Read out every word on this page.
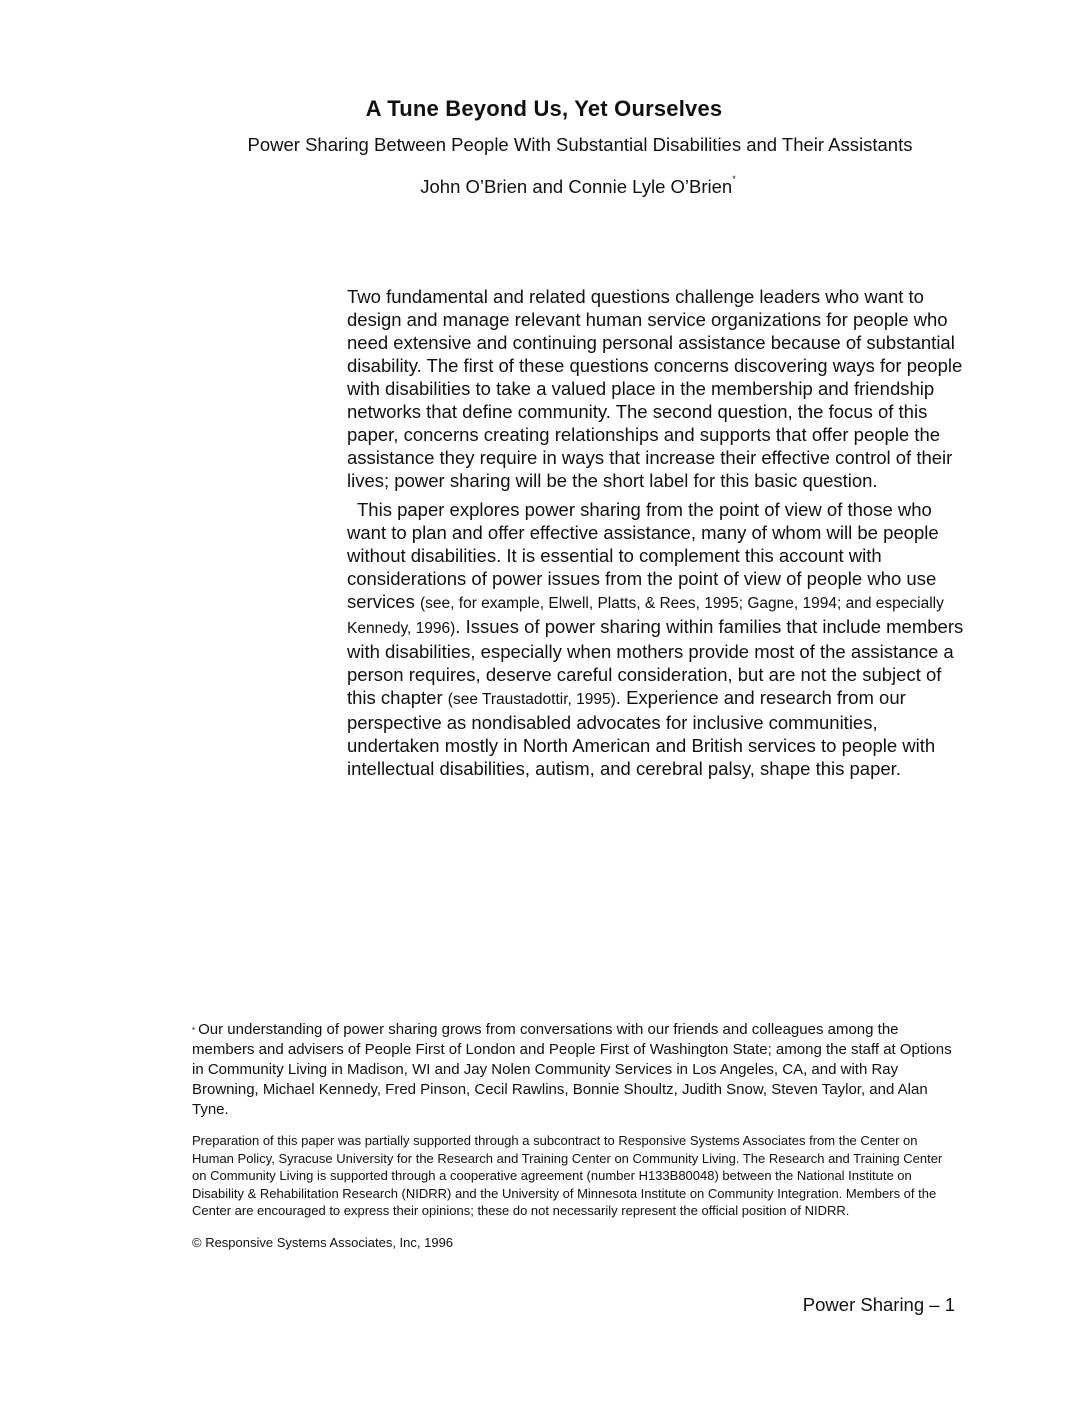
A Tune Beyond Us, Yet Ourselves
Power Sharing Between People With Substantial Disabilities and Their Assistants
John O’Brien and Connie Lyle O’Brien*

Two fundamental and related questions challenge leaders who want to design and manage relevant human service organizations for people who need extensive and continuing personal assistance because of substantial disability. The first of these questions concerns discovering ways for people with disabilities to take a valued place in the membership and friendship networks that define community. The second question, the focus of this paper, concerns creating relationships and supports that offer people the assistance they require in ways that increase their effective control of their lives; power sharing will be the short label for this basic question.

This paper explores power sharing from the point of view of those who want to plan and offer effective assistance, many of whom will be people without disabilities. It is essential to complement this account with considerations of power issues from the point of view of people who use services (see, for example, Elwell, Platts, & Rees, 1995; Gagne, 1994; and especially Kennedy, 1996). Issues of power sharing within families that include members with disabilities, especially when mothers provide most of the assistance a person requires, deserve careful consideration, but are not the subject of this chapter (see Traustadottir, 1995). Experience and research from our perspective as nondisabled advocates for inclusive communities, undertaken mostly in North American and British services to people with intellectual disabilities, autism, and cerebral palsy, shape this paper.

* Our understanding of power sharing grows from conversations with our friends and colleagues among the members and advisers of People First of London and People First of Washington State; among the staff at Options in Community Living in Madison, WI and Jay Nolen Community Services in Los Angeles, CA, and with Ray Browning, Michael Kennedy, Fred Pinson, Cecil Rawlins, Bonnie Shoultz, Judith Snow, Steven Taylor, and Alan Tyne.

Preparation of this paper was partially supported through a subcontract to Responsive Systems Associates from the Center on Human Policy, Syracuse University for the Research and Training Center on Community Living. The Research and Training Center on Community Living is supported through a cooperative agreement (number H133B80048) between the National Institute on Disability & Rehabilitation Research (NIDRR) and the University of Minnesota Institute on Community Integration. Members of the Center are encouraged to express their opinions; these do not necessarily represent the official position of NIDRR.

© Responsive Systems Associates, Inc, 1996

Power Sharing – 1
